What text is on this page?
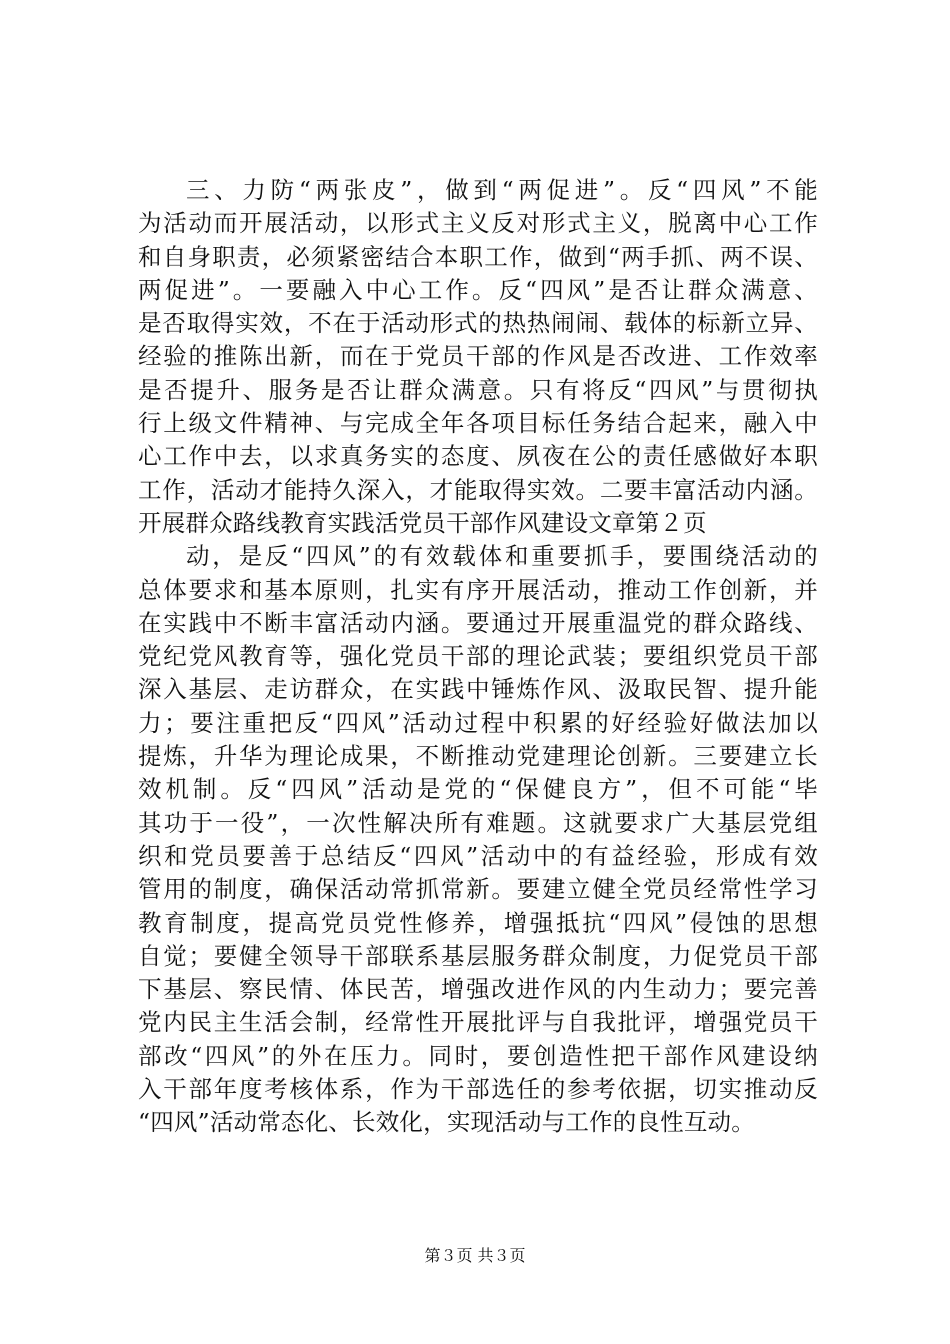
三、力防“两张皮”，做到“两促进”。反“四风”不能
为活动而开展活动，以形式主义反对形式主义，脱离中心工作
和自身职责，必须紧密结合本职工作，做到“两手抓、两不误、
两促进”。一要融入中心工作。反“四风”是否让群众满意、
是否取得实效，不在于活动形式的热热闹闹、载体的标新立异、
经验的推陈出新，而在于党员干部的作风是否改进、工作效率
是否提升、服务是否让群众满意。只有将反“四风”与贯彻执
行上级文件精神、与完成全年各项目标任务结合起来，融入中
心工作中去，以求真务实的态度、夙夜在公的责任感做好本职
工作，活动才能持久深入，才能取得实效。二要丰富活动内涵。
开展群众路线教育实践活党员干部作风建设文章第２页
动，是反“四风”的有效载体和重要抓手，要围绕活动的
总体要求和基本原则，扎实有序开展活动，推动工作创新，并
在实践中不断丰富活动内涵。要通过开展重温党的群众路线、
党纪党风教育等，强化党员干部的理论武装；要组织党员干部
深入基层、走访群众，在实践中锤炼作风、汲取民智、提升能
力；要注重把反“四风”活动过程中积累的好经验好做法加以
提炼，升华为理论成果，不断推动党建理论创新。三要建立长
效机制。反“四风”活动是党的“保健良方”，但不可能“毕
其功于一役”，一次性解决所有难题。这就要求广大基层党组
织和党员要善于总结反“四风”活动中的有益经验，形成有效
管用的制度，确保活动常抓常新。要建立健全党员经常性学习
教育制度，提高党员党性修养，增强抵抗“四风”侵蚀的思想
自觉；要健全领导干部联系基层服务群众制度，力促党员干部
下基层、察民情、体民苦，增强改进作风的内生动力；要完善
党内民主生活会制，经常性开展批评与自我批评，增强党员干
部改“四风”的外在压力。同时，要创造性把干部作风建设纳
入干部年度考核体系，作为干部选任的参考依据，切实推动反
“四风”活动常态化、长效化，实现活动与工作的良性互动。
第３页 共３页
